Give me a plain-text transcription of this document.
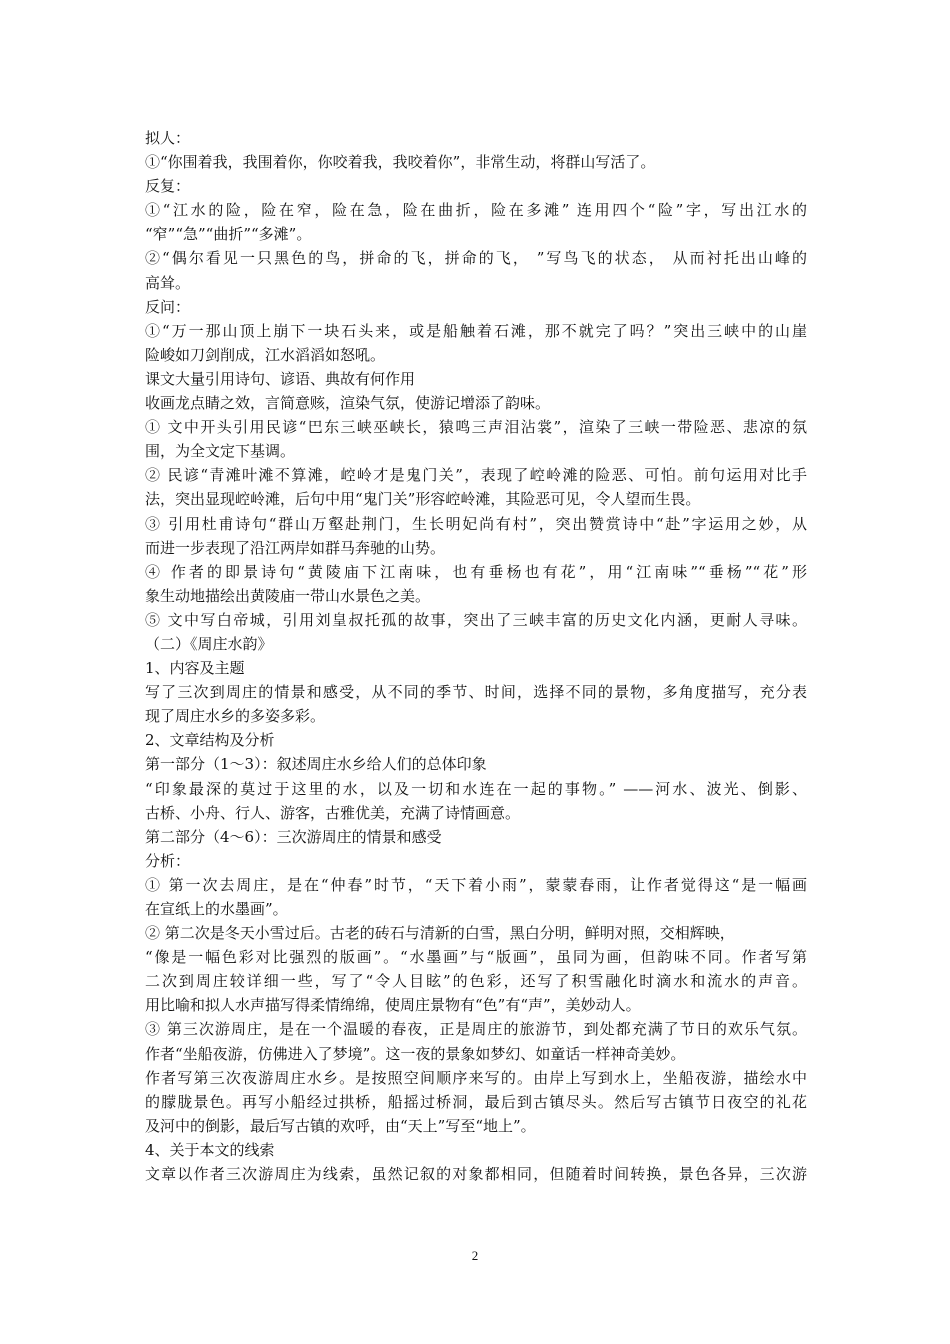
拟人：
①“你围着我，我围着你，你咬着我，我咬着你”，非常生动，将群山写活了。
反复：
①“江水的险，险在窄，险在急，险在曲折，险在多滩” 连用四个“险”字，写出江水的
“窄”“急”“曲折”“多滩”。
②“偶尔看见一只黑色的鸟，拼命的飞，拼命的飞， ”写鸟飞的状态， 从而衬托出山峰的
高耸。
反问：
①“万一那山顶上崩下一块石头来，或是船触着石滩，那不就完了吗？”突出三峡中的山崖
险峻如刀剑削成，江水滔滔如怒吼。
课文大量引用诗句、谚语、典故有何作用
收画龙点睛之效，言简意赅，渲染气氛，使游记增添了韵味。
① 文中开头引用民谚“巴东三峡巫峡长，猿鸣三声泪沾裳”，渲染了三峡一带险恶、悲凉的氛
围，为全文定下基调。
② 民谚“青滩叶滩不算滩，崆岭才是鬼门关”，表现了崆岭滩的险恶、可怕。前句运用对比手
法，突出显现崆岭滩，后句中用“鬼门关”形容崆岭滩，其险恶可见，令人望而生畏。
③ 引用杜甫诗句“群山万壑赴荆门，生长明妃尚有村”，突出赞赏诗中“赴”字运用之妙，从
而进一步表现了沿江两岸如群马奔驰的山势。
④ 作者的即景诗句“黄陵庙下江南味，也有垂杨也有花”，用“江南味”“垂杨”“花”形
象生动地描绘出黄陵庙一带山水景色之美。
⑤ 文中写白帝城，引用刘皇叔托孤的故事，突出了三峡丰富的历史文化内涵，更耐人寻味。
（二）《周庄水韵》
1、内容及主题
写了三次到周庄的情景和感受，从不同的季节、时间，选择不同的景物，多角度描写，充分表
现了周庄水乡的多姿多彩。
2、文章结构及分析
第一部分（1～3）：叙述周庄水乡给人们的总体印象
“印象最深的莫过于这里的水，以及一切和水连在一起的事物。” ——河水、波光、倒影、
古桥、小舟、行人、游客，古雅优美，充满了诗情画意。
第二部分（4～6）：三次游周庄的情景和感受
分析：
① 第一次去周庄，是在“仲春”时节，“天下着小雨”，蒙蒙春雨，让作者觉得这“是一幅画
在宣纸上的水墨画”。
② 第二次是冬天小雪过后。古老的砖石与清新的白雪，黑白分明，鲜明对照，交相辉映，
“像是一幅色彩对比强烈的版画”。“水墨画”与“版画”，虽同为画，但韵味不同。作者写第
二次到周庄较详细一些，写了“令人目眩”的色彩，还写了积雪融化时滴水和流水的声音。
用比喻和拟人水声描写得柔情绵绵，使周庄景物有“色”有“声”，美妙动人。
③ 第三次游周庄，是在一个温暖的春夜，正是周庄的旅游节，到处都充满了节日的欢乐气氛。
作者“坐船夜游，仿佛进入了梦境”。这一夜的景象如梦幻、如童话一样神奇美妙。
作者写第三次夜游周庄水乡。是按照空间顺序来写的。由岸上写到水上，坐船夜游，描绘水中
的朦胧景色。再写小船经过拱桥，船摇过桥洞，最后到古镇尽头。然后写古镇节日夜空的礼花
及河中的倒影，最后写古镇的欢呼，由“天上”写至“地上”。
4、关于本文的线索
文章以作者三次游周庄为线索，虽然记叙的对象都相同，但随着时间转换，景色各异，三次游
2
